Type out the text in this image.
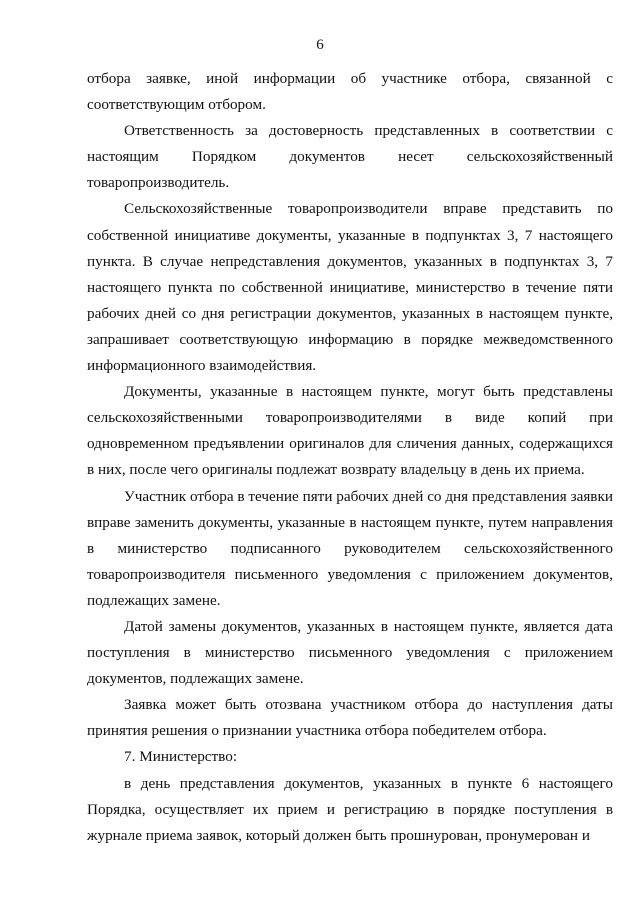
6

отбора заявке, иной информации об участнике отбора, связанной с соответствующим отбором.

Ответственность за достоверность представленных в соответствии с настоящим Порядком документов несет сельскохозяйственный товаропроизводитель.

Сельскохозяйственные товаропроизводители вправе представить по собственной инициативе документы, указанные в подпунктах 3, 7 настоящего пункта. В случае непредставления документов, указанных в подпунктах 3, 7 настоящего пункта по собственной инициативе, министерство в течение пяти рабочих дней со дня регистрации документов, указанных в настоящем пункте, запрашивает соответствующую информацию в порядке межведомственного информационного взаимодействия.

Документы, указанные в настоящем пункте, могут быть представлены сельскохозяйственными товаропроизводителями в виде копий при одновременном предъявлении оригиналов для сличения данных, содержащихся в них, после чего оригиналы подлежат возврату владельцу в день их приема.

Участник отбора в течение пяти рабочих дней со дня представления заявки вправе заменить документы, указанные в настоящем пункте, путем направления в министерство подписанного руководителем сельскохозяйственного товаропроизводителя письменного уведомления с приложением документов, подлежащих замене.

Датой замены документов, указанных в настоящем пункте, является дата поступления в министерство письменного уведомления с приложением документов, подлежащих замене.

Заявка может быть отозвана участником отбора до наступления даты принятия решения о признании участника отбора победителем отбора.

7. Министерство:

в день представления документов, указанных в пункте 6 настоящего Порядка, осуществляет их прием и регистрацию в порядке поступления в журнале приема заявок, который должен быть прошнурован, пронумерован и
